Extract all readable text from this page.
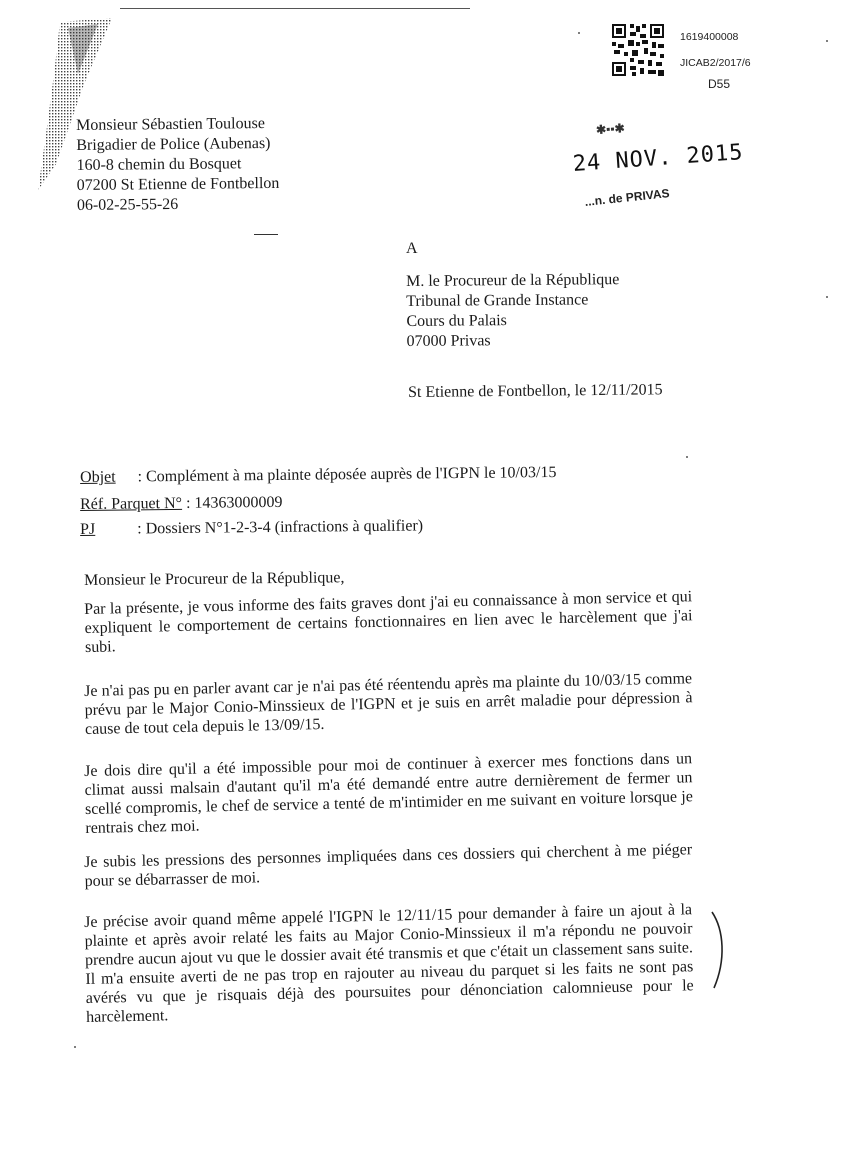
1619400008
JICAB2/2017/6
D55
Monsieur Sébastien Toulouse
Brigadier de Police (Aubenas)
160-8 chemin du Bosquet
07200 St Etienne de Fontbellon
06-02-25-55-26
✱▪▪✱
24 NOV. 2015
...n. de PRIVAS
A
M. le Procureur de la République
Tribunal de Grande Instance
Cours du Palais
07000 Privas
St Etienne de Fontbellon, le 12/11/2015
Objet : Complément à ma plainte déposée auprès de l'IGPN le 10/03/15
Réf. Parquet N° : 14363000009
PJ	: Dossiers N°1-2-3-4 (infractions à qualifier)
Monsieur le Procureur de la République,

Par la présente, je vous informe des faits graves dont j'ai eu connaissance à mon service et qui expliquent le comportement de certains fonctionnaires en lien avec le harcèlement que j'ai subi.

Je n'ai pas pu en parler avant car je n'ai pas été réentendu après ma plainte du 10/03/15 comme prévu par le Major Conio-Minssieux de l'IGPN et je suis en arrêt maladie pour dépression à cause de tout cela depuis le 13/09/15.

Je dois dire qu'il a été impossible pour moi de continuer à exercer mes fonctions dans un climat aussi malsain d'autant qu'il m'a été demandé entre autre dernièrement de fermer un scellé compromis, le chef de service a tenté de m'intimider en me suivant en voiture lorsque je rentrais chez moi.

Je subis les pressions des personnes impliquées dans ces dossiers qui cherchent à me piéger pour se débarrasser de moi.

Je précise avoir quand même appelé l'IGPN le 12/11/15 pour demander à faire un ajout à la plainte et après avoir relaté les faits au Major Conio-Minssieux il m'a répondu ne pouvoir prendre aucun ajout vu que le dossier avait été transmis et que c'était un classement sans suite. Il m'a ensuite averti de ne pas trop en rajouter au niveau du parquet si les faits ne sont pas avérés vu que je risquais déjà des poursuites pour dénonciation calomnieuse pour le harcèlement.
